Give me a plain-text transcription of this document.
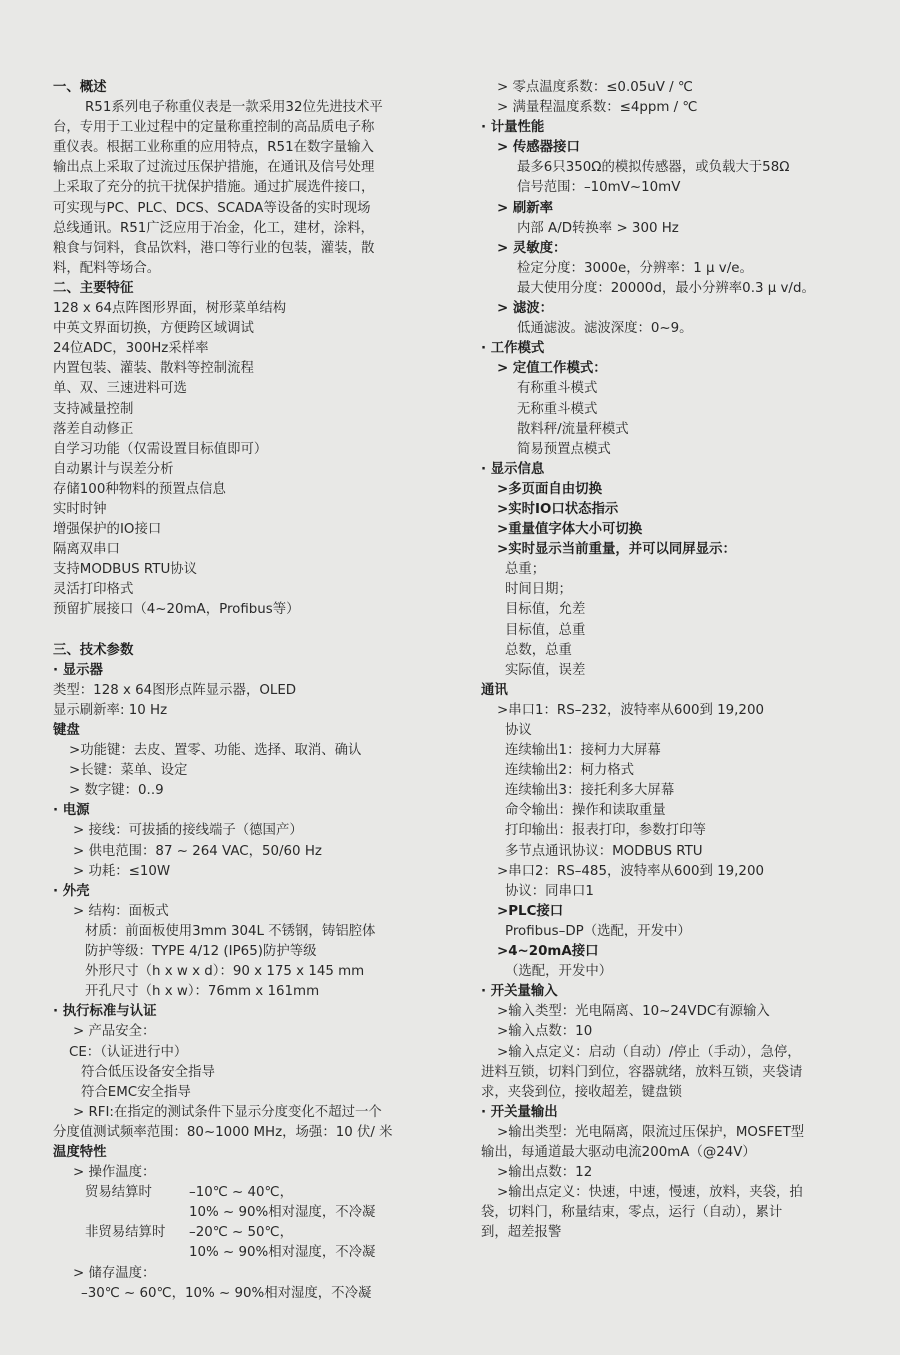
一、概述
R51系列电子称重仪表是一款采用32位先进技术平
台，专用于工业过程中的定量称重控制的高品质电子称
重仪表。根据工业称重的应用特点，R51在数字量输入
输出点上采取了过流过压保护措施，在通讯及信号处理
上采取了充分的抗干扰保护措施。通过扩展选件接口，
可实现与PC、PLC、DCS、SCADA等设备的实时现场
总线通讯。R51广泛应用于冶金，化工，建材，涂料，
粮食与饲料，食品饮料，港口等行业的包装，灌装，散
料，配料等场合。
二、主要特征
128 x 64点阵图形界面，树形菜单结构
中英文界面切换，方便跨区域调试
24位ADC，300Hz采样率
内置包装、灌装、散料等控制流程
单、双、三速进料可选
支持减量控制
落差自动修正
自学习功能（仅需设置目标值即可）
自动累计与误差分析
存储100种物料的预置点信息
实时时钟
增强保护的IO接口
隔离双串口
支持MODBUS RTU协议
灵活打印格式
预留扩展接口（4~20mA，Profibus等）
三、技术参数
· 显示器
类型：128 x 64图形点阵显示器，OLED
显示刷新率: 10 Hz
键盘
>功能键：去皮、置零、功能、选择、取消、确认
>长键：菜单、设定
> 数字键：0..9
· 电源
> 接线：可拔插的接线端子（德国产）
> 供电范围：87 ~ 264 VAC，50/60 Hz
> 功耗：≤10W
· 外壳
> 结构：面板式
材质：前面板使用3mm 304L 不锈钢，铸铝腔体
防护等级：TYPE 4/12 (IP65)防护等级
外形尺寸（h x w x d）：90 x 175 x 145 mm
开孔尺寸（h x w）：76mm x 161mm
· 执行标准与认证
> 产品安全：
CE：（认证进行中）
符合低压设备安全指导
符合EMC安全指导
> RFI:在指定的测试条件下显示分度变化不超过一个
分度值测试频率范围：80~1000 MHz，场强：10 伏/ 米
温度特性
> 操作温度：
贸易结算时	–10℃ ~ 40℃，
10% ~ 90%相对湿度，不冷凝
非贸易结算时 –20℃ ~ 50℃，
10% ~ 90%相对湿度，不冷凝
> 储存温度：
–30℃ ~ 60℃，10% ~ 90%相对湿度，不冷凝
> 零点温度系数：≤0.05uV / ℃
> 满量程温度系数：≤4ppm / ℃
· 计量性能
> 传感器接口
最多6只350Ω的模拟传感器，或负载大于58Ω
信号范围：–10mV~10mV
> 刷新率
内部 A/D转换率 > 300 Hz
> 灵敏度：
检定分度：3000e，分辨率：1 μ v/e。
最大使用分度：20000d，最小分辨率0.3 μ v/d。
> 滤波：
低通滤波。滤波深度：0~9。
· 工作模式
> 定值工作模式：
有称重斗模式
无称重斗模式
散料秤/流量秤模式
简易预置点模式
· 显示信息
>多页面自由切换
>实时IO口状态指示
>重量值字体大小可切换
>实时显示当前重量，并可以同屏显示：
总重；
时间日期；
目标值，允差
目标值，总重
总数，总重
实际值，误差
通讯
>串口1：RS–232，波特率从600到 19,200
协议
连续输出1：接柯力大屏幕
连续输出2：柯力格式
连续输出3：接托利多大屏幕
命令输出：操作和读取重量
打印输出：报表打印，参数打印等
多节点通讯协议：MODBUS RTU
>串口2：RS–485，波特率从600到 19,200
协议：同串口1
>PLC接口
Profibus–DP（选配，开发中）
>4~20mA接口
（选配，开发中）
· 开关量输入
>输入类型：光电隔离、10~24VDC有源输入
>输入点数：10
>输入点定义：启动（自动）/停止（手动），急停，
进料互锁，切料门到位，容器就绪，放料互锁，夹袋请
求，夹袋到位，接收超差，键盘锁
· 开关量输出
>输出类型：光电隔离，限流过压保护，MOSFET型
输出，每通道最大驱动电流200mA（@24V）
>输出点数：12
>输出点定义：快速，中速，慢速，放料，夹袋，拍
袋，切料门，称量结束，零点，运行（自动），累计
到，超差报警
